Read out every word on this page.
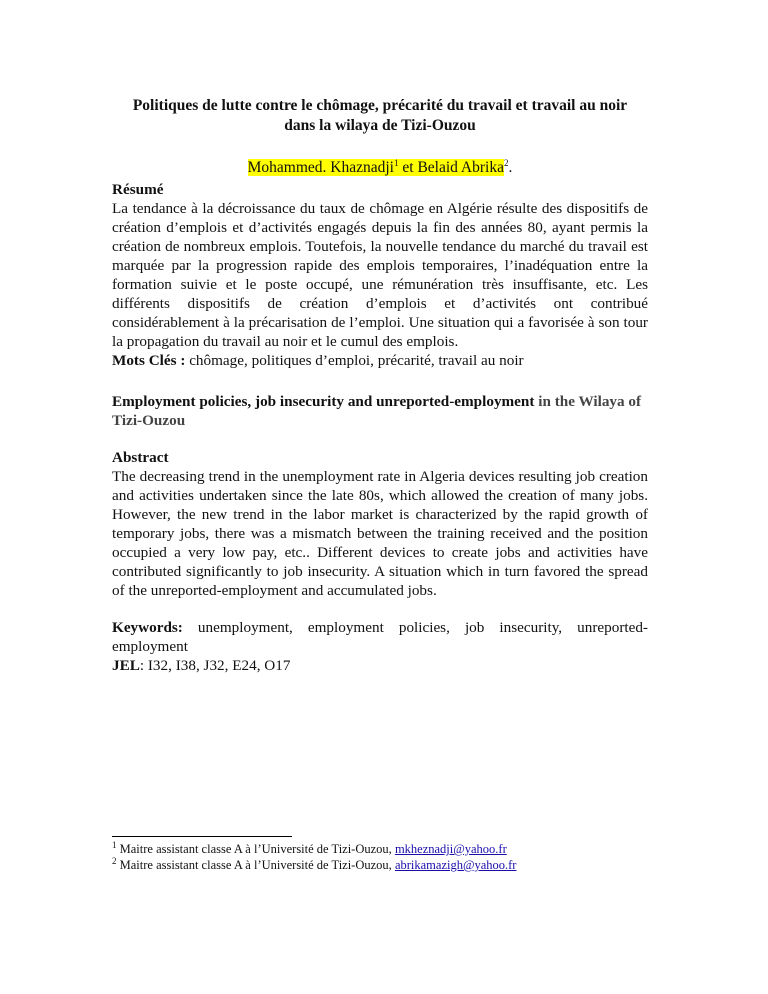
Politiques de lutte contre le chômage, précarité du travail et travail au noir dans la wilaya de Tizi-Ouzou
Mohammed. Khaznadji$^1$ et Belaid Abrika$^2$.
Résumé

La tendance à la décroissance du taux de chômage en Algérie résulte des dispositifs de création d’emplois et d’activités engagés depuis la fin des années 80, ayant permis la création de nombreux emplois. Toutefois, la nouvelle tendance du marché du travail est marquée par la progression rapide des emplois temporaires, l’inadéquation entre la formation suivie et le poste occupé, une rémunération très insuffisante, etc. Les différents dispositifs de création d’emplois et d’activités ont contribué considérablement à la précarisation de l’emploi. Une situation qui a favorisée à son tour la propagation du travail au noir et le cumul des emplois.

Mots Clés : chômage, politiques d’emploi, précarité, travail au noir

Employment policies, job insecurity and unreported-employment in the Wilaya of Tizi-Ouzou
Abstract

The decreasing trend in the unemployment rate in Algeria devices resulting job creation and activities undertaken since the late 80s, which allowed the creation of many jobs. However, the new trend in the labor market is characterized by the rapid growth of temporary jobs, there was a mismatch between the training received and the position occupied a very low pay, etc.. Different devices to create jobs and activities have contributed significantly to job insecurity. A situation which in turn favored the spread of the unreported-employment and accumulated jobs.

Keywords: unemployment, employment policies, job insecurity, unreported-employment

JEL: I32, I38, J32, E24, O17

$^1$ Maitre assistant classe A à l’Université de Tizi-Ouzou, mkheznadji@yahoo.fr
$^2$ Maitre assistant classe A à l’Université de Tizi-Ouzou, abrikamazigh@yahoo.fr
